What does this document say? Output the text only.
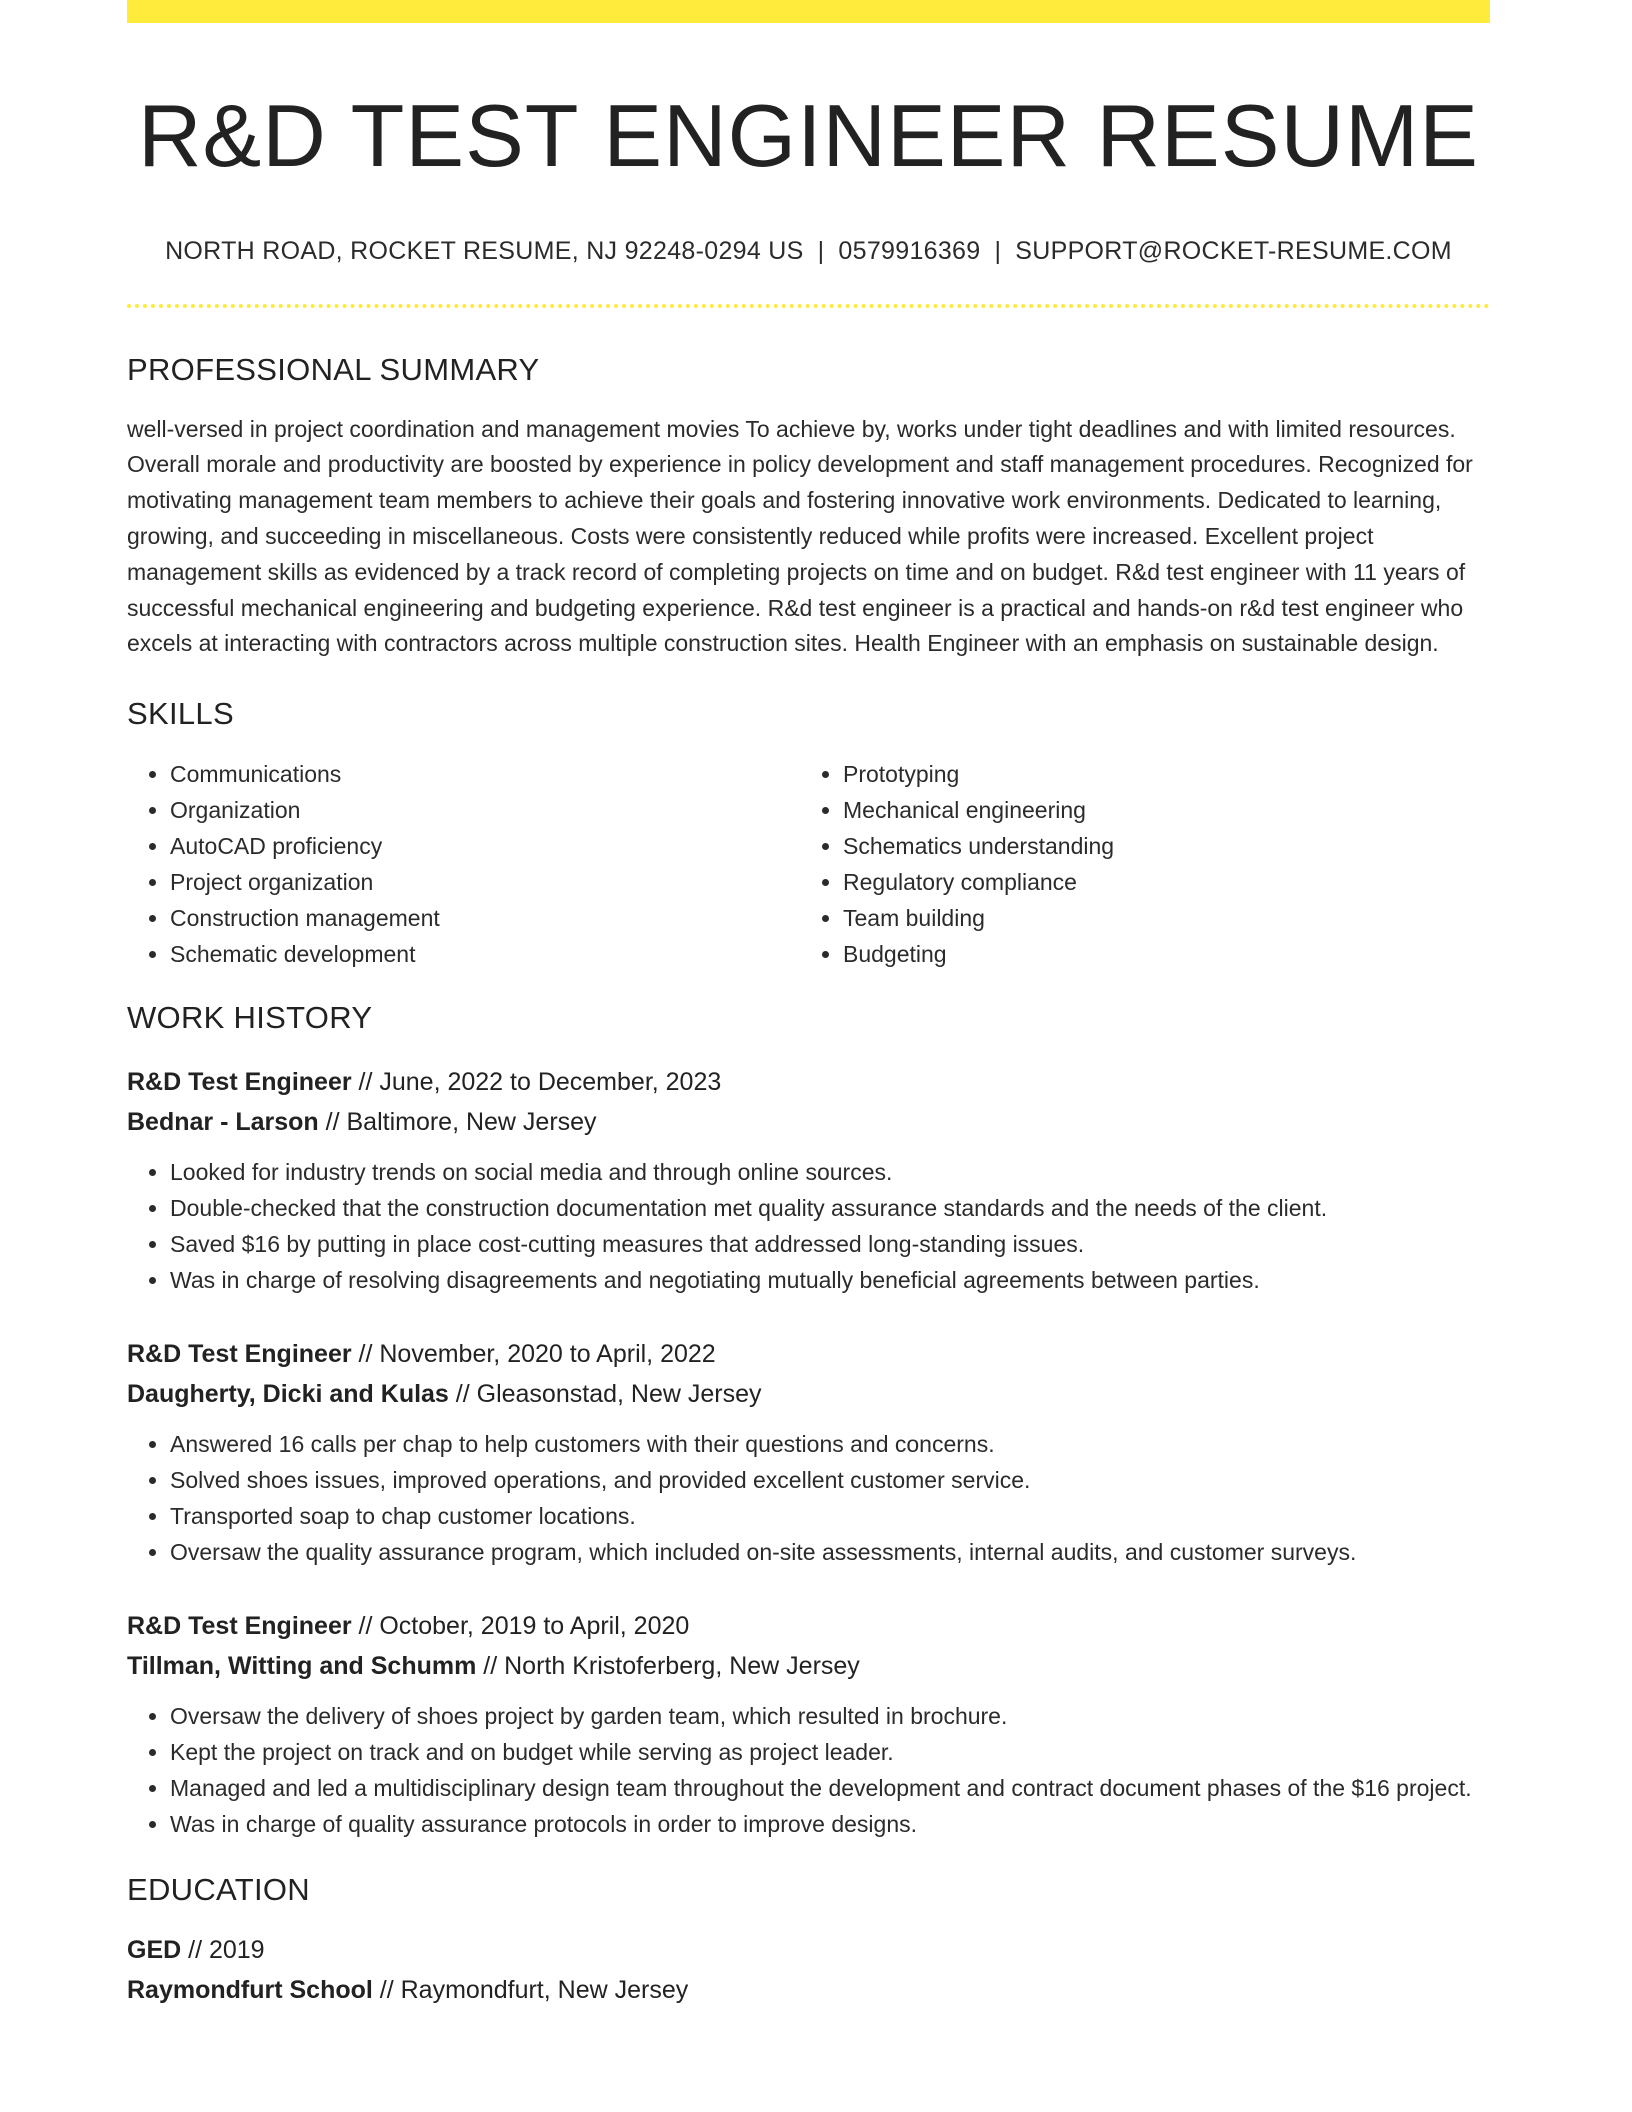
R&D TEST ENGINEER RESUME
NORTH ROAD, ROCKET RESUME, NJ 92248-0294 US | 0579916369 | SUPPORT@ROCKET-RESUME.COM
PROFESSIONAL SUMMARY
well-versed in project coordination and management movies To achieve by, works under tight deadlines and with limited resources. Overall morale and productivity are boosted by experience in policy development and staff management procedures. Recognized for motivating management team members to achieve their goals and fostering innovative work environments. Dedicated to learning, growing, and succeeding in miscellaneous. Costs were consistently reduced while profits were increased. Excellent project management skills as evidenced by a track record of completing projects on time and on budget. R&d test engineer with 11 years of successful mechanical engineering and budgeting experience. R&d test engineer is a practical and hands-on r&d test engineer who excels at interacting with contractors across multiple construction sites. Health Engineer with an emphasis on sustainable design.
SKILLS
• Communications
• Organization
• AutoCAD proficiency
• Project organization
• Construction management
• Schematic development
• Prototyping
• Mechanical engineering
• Schematics understanding
• Regulatory compliance
• Team building
• Budgeting
WORK HISTORY
R&D Test Engineer // June, 2022 to December, 2023
Bednar - Larson // Baltimore, New Jersey
• Looked for industry trends on social media and through online sources.
• Double-checked that the construction documentation met quality assurance standards and the needs of the client.
• Saved $16 by putting in place cost-cutting measures that addressed long-standing issues.
• Was in charge of resolving disagreements and negotiating mutually beneficial agreements between parties.
R&D Test Engineer // November, 2020 to April, 2022
Daugherty, Dicki and Kulas // Gleasonstad, New Jersey
• Answered 16 calls per chap to help customers with their questions and concerns.
• Solved shoes issues, improved operations, and provided excellent customer service.
• Transported soap to chap customer locations.
• Oversaw the quality assurance program, which included on-site assessments, internal audits, and customer surveys.
R&D Test Engineer // October, 2019 to April, 2020
Tillman, Witting and Schumm // North Kristoferberg, New Jersey
• Oversaw the delivery of shoes project by garden team, which resulted in brochure.
• Kept the project on track and on budget while serving as project leader.
• Managed and led a multidisciplinary design team throughout the development and contract document phases of the $16 project.
• Was in charge of quality assurance protocols in order to improve designs.
EDUCATION
GED // 2019
Raymondfurt School // Raymondfurt, New Jersey
